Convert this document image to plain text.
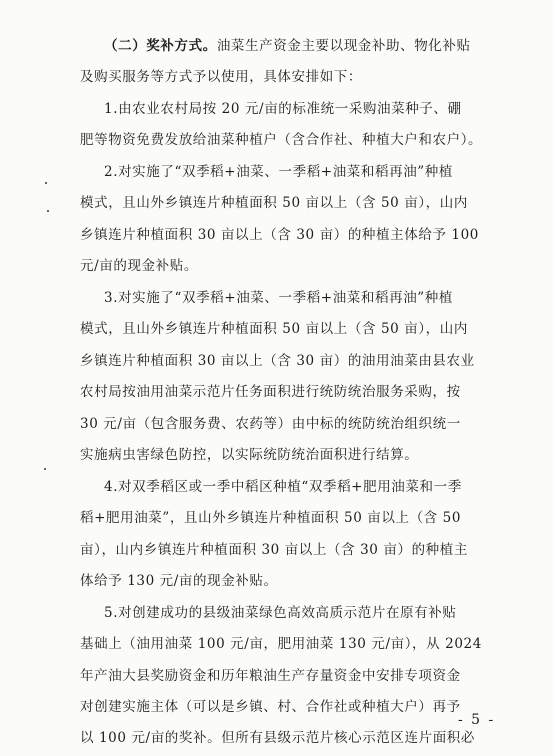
（二）奖补方式。油菜生产资金主要以现金补助、物化补贴
及购买服务等方式予以使用，具体安排如下：
1.由农业农村局按 20 元/亩的标准统一采购油菜种子、硼
肥等物资免费发放给油菜种植户（含合作社、种植大户和农户）。
2.对实施了“双季稻+油菜、一季稻+油菜和稻再油”种植
模式，且山外乡镇连片种植面积 50 亩以上（含 50 亩），山内
乡镇连片种植面积 30 亩以上（含 30 亩）的种植主体给予 100
元/亩的现金补贴。
3.对实施了“双季稻+油菜、一季稻+油菜和稻再油”种植
模式，且山外乡镇连片种植面积 50 亩以上（含 50 亩），山内
乡镇连片种植面积 30 亩以上（含 30 亩）的油用油菜由县农业
农村局按油用油菜示范片任务面积进行统防统治服务采购，按
30 元/亩（包含服务费、农药等）由中标的统防统治组织统一
实施病虫害绿色防控，以实际统防统治面积进行结算。
4.对双季稻区或一季中稻区种植“双季稻+肥用油菜和一季
稻+肥用油菜”，且山外乡镇连片种植面积 50 亩以上（含 50
亩），山内乡镇连片种植面积 30 亩以上（含 30 亩）的种植主
体给予 130 元/亩的现金补贴。
5.对创建成功的县级油菜绿色高效高质示范片在原有补贴
基础上（油用油菜 100 元/亩，肥用油菜 130 元/亩），从 2024
年产油大县奖励资金和历年粮油生产存量资金中安排专项资金
对创建实施主体（可以是乡镇、村、合作社或种植大户）再予
以 100 元/亩的奖补。但所有县级示范片核心示范区连片面积必
- 5 -
